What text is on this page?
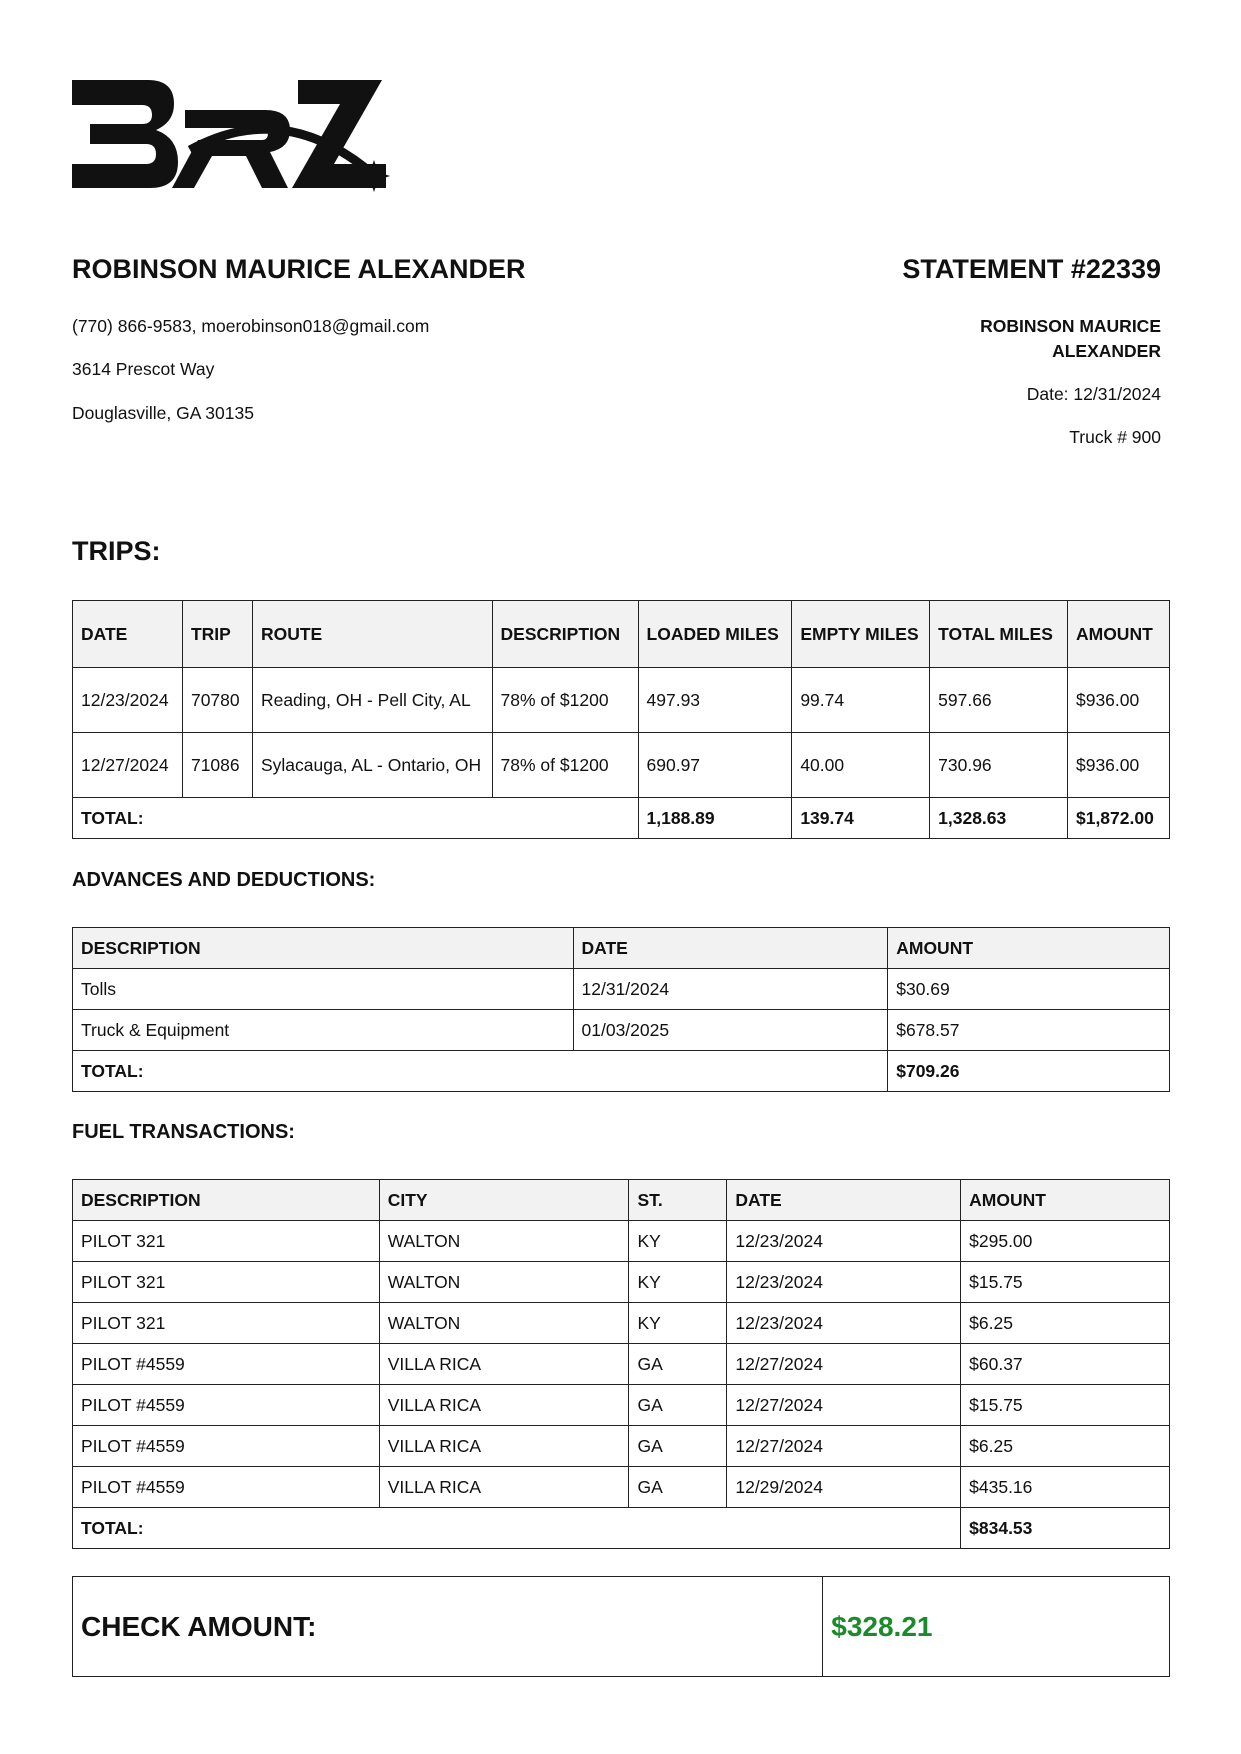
ROBINSON MAURICE ALEXANDER	STATEMENT #22339
(770) 866-9583, moerobinson018@gmail.com
3614 Prescot Way
Douglasville, GA 30135
ROBINSON MAURICE
ALEXANDER
Date: 12/31/2024
Truck # 900
TRIPS:
DATE	TRIP	ROUTE	DESCRIPTION	LOADED MILES	EMPTY MILES	TOTAL MILES	AMOUNT
12/23/2024	70780	Reading, OH - Pell City, AL	78% of $1200	497.93	99.74	597.66	$936.00
12/27/2024	71086	Sylacauga, AL - Ontario, OH	78% of $1200	690.97	40.00	730.96	$936.00
TOTAL:				1,188.89	139.74	1,328.63	$1,872.00
ADVANCES AND DEDUCTIONS:
DESCRIPTION	DATE	AMOUNT
Tolls	12/31/2024	$30.69
Truck & Equipment	01/03/2025	$678.57
TOTAL:		$709.26
FUEL TRANSACTIONS:
DESCRIPTION	CITY	ST.	DATE	AMOUNT
PILOT 321	WALTON	KY	12/23/2024	$295.00
PILOT 321	WALTON	KY	12/23/2024	$15.75
PILOT 321	WALTON	KY	12/23/2024	$6.25
PILOT #4559	VILLA RICA	GA	12/27/2024	$60.37
PILOT #4559	VILLA RICA	GA	12/27/2024	$15.75
PILOT #4559	VILLA RICA	GA	12/27/2024	$6.25
PILOT #4559	VILLA RICA	GA	12/29/2024	$435.16
TOTAL:				$834.53
CHECK AMOUNT:	$328.21
